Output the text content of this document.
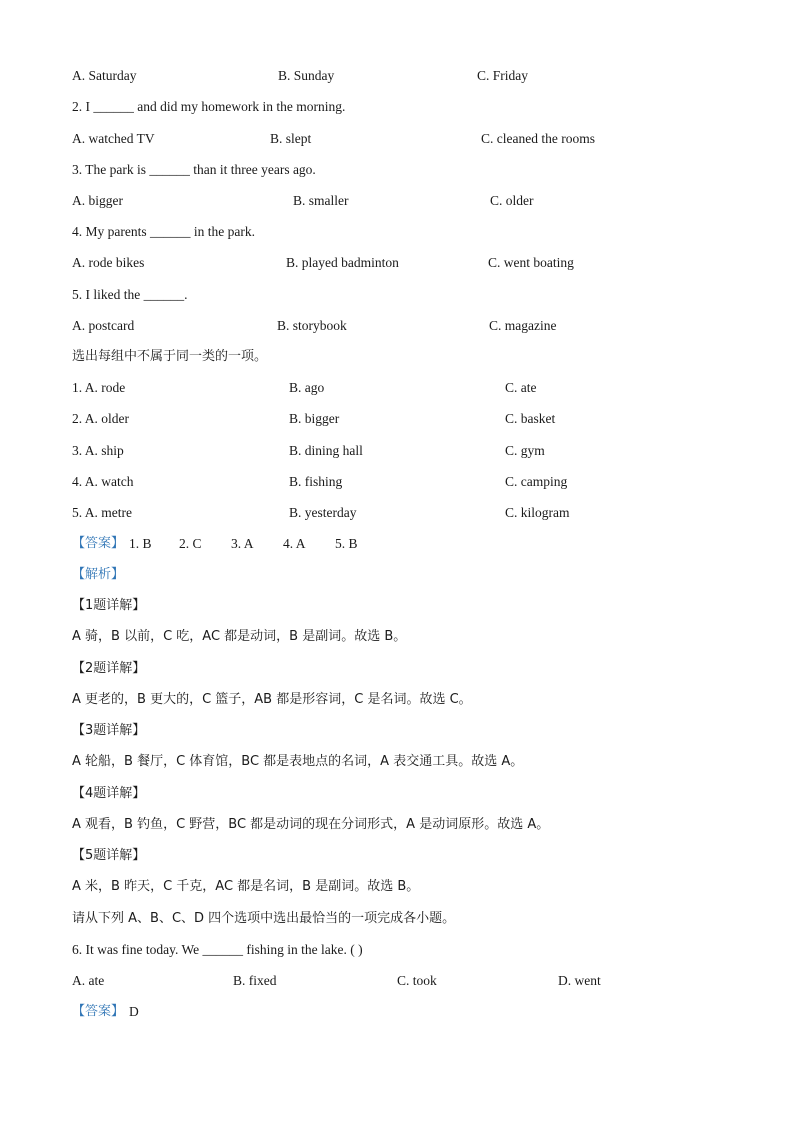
A. Saturday	B. Sunday	C. Friday
2. I ______ and did my homework in the morning.
A. watched TV	B. slept	C. cleaned the rooms
3. The park is ______ than it three years ago.
A. bigger	B. smaller	C. older
4. My parents ______ in the park.
A. rode bikes	B. played badminton	C. went boating
5. I liked the ______.
A. postcard	B. storybook	C. magazine
选出每组中不属于同一类的一项。
1. A. rode	B. ago	C. ate
2. A. older	B. bigger	C. basket
3. A. ship	B. dining hall	C. gym
4. A. watch	B. fishing	C. camping
5. A. metre	B. yesterday	C. kilogram
【答案】 1. B 2. C 3. A 4. A 5. B
【解析】
【1题详解】
A 骑，B 以前，C 吃，AC 都是动词，B 是副词。故选 B。
【2题详解】
A 更老的，B 更大的，C 篮子，AB 都是形容词，C 是名词。故选 C。
【3题详解】
A 轮船，B 餐厅，C 体育馆，BC 都是表地点的名词，A 表交通工具。故选 A。
【4题详解】
A 观看，B 钓鱼，C 野营，BC 都是动词的现在分词形式，A 是动词原形。故选 A。
【5题详解】
A 米，B 昨天，C 千克，AC 都是名词，B 是副词。故选 B。
请从下列 A、B、C、D 四个选项中选出最恰当的一项完成各小题。
6. It was fine today. We ______ fishing in the lake. ( )
A. ate	B. fixed	C. took	D. went
【答案】 D
